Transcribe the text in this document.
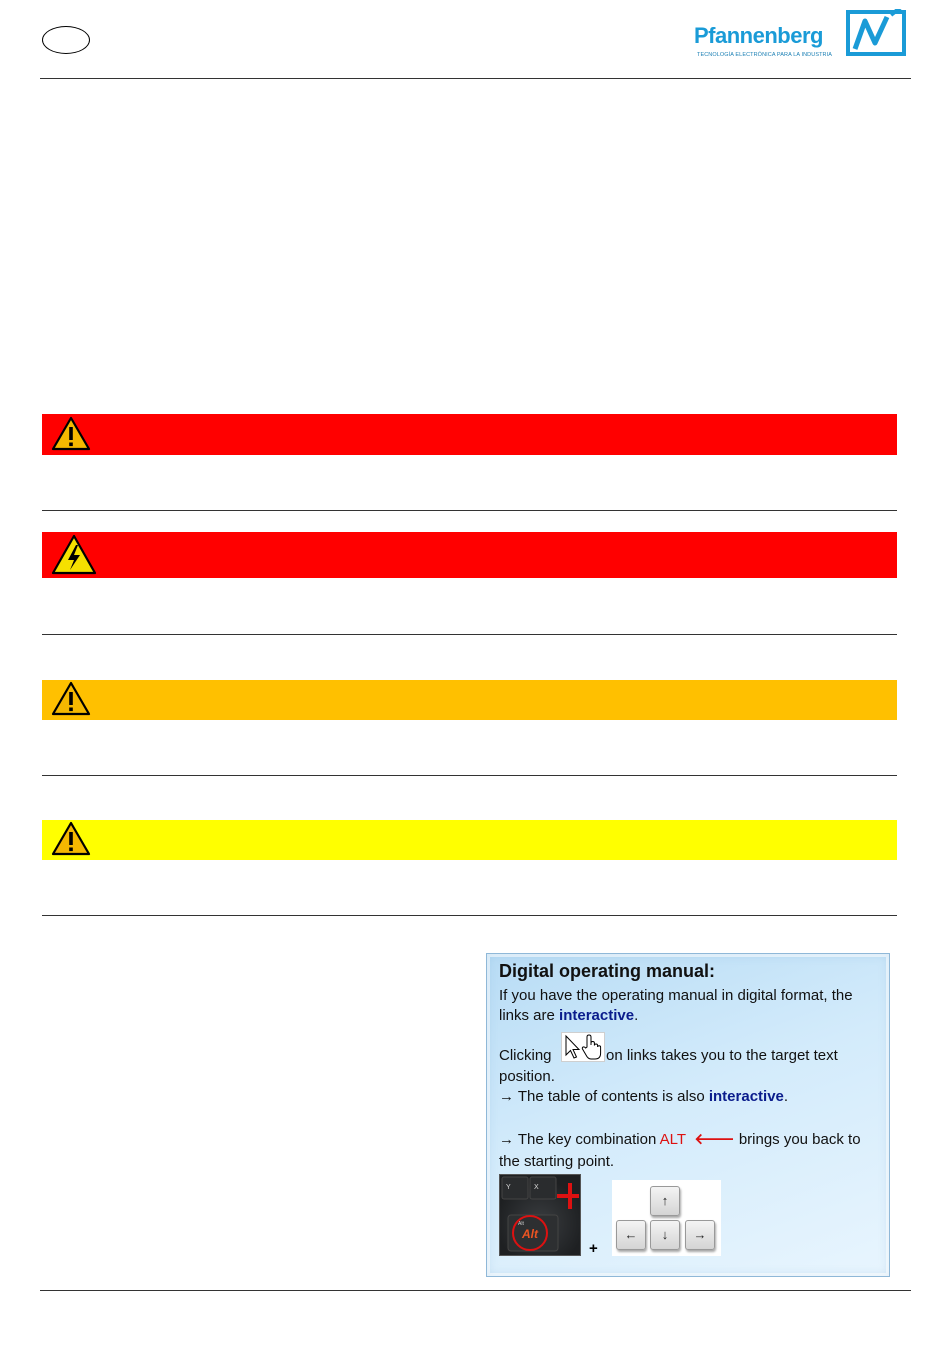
Pfannenberg
TECNOLOGÍA ELECTRÓNICA PARA LA INDUSTRIA
Digital operating manual:
If you have the operating manual in digital format, the
links are interactive.
Clicking	on links takes you to the target text
position.
→ The table of contents is also interactive.
→ The key combination ALT 🡐 brings you back to
the starting point.
Y	X
Alt
Alt
+
↑
←	↓	→
